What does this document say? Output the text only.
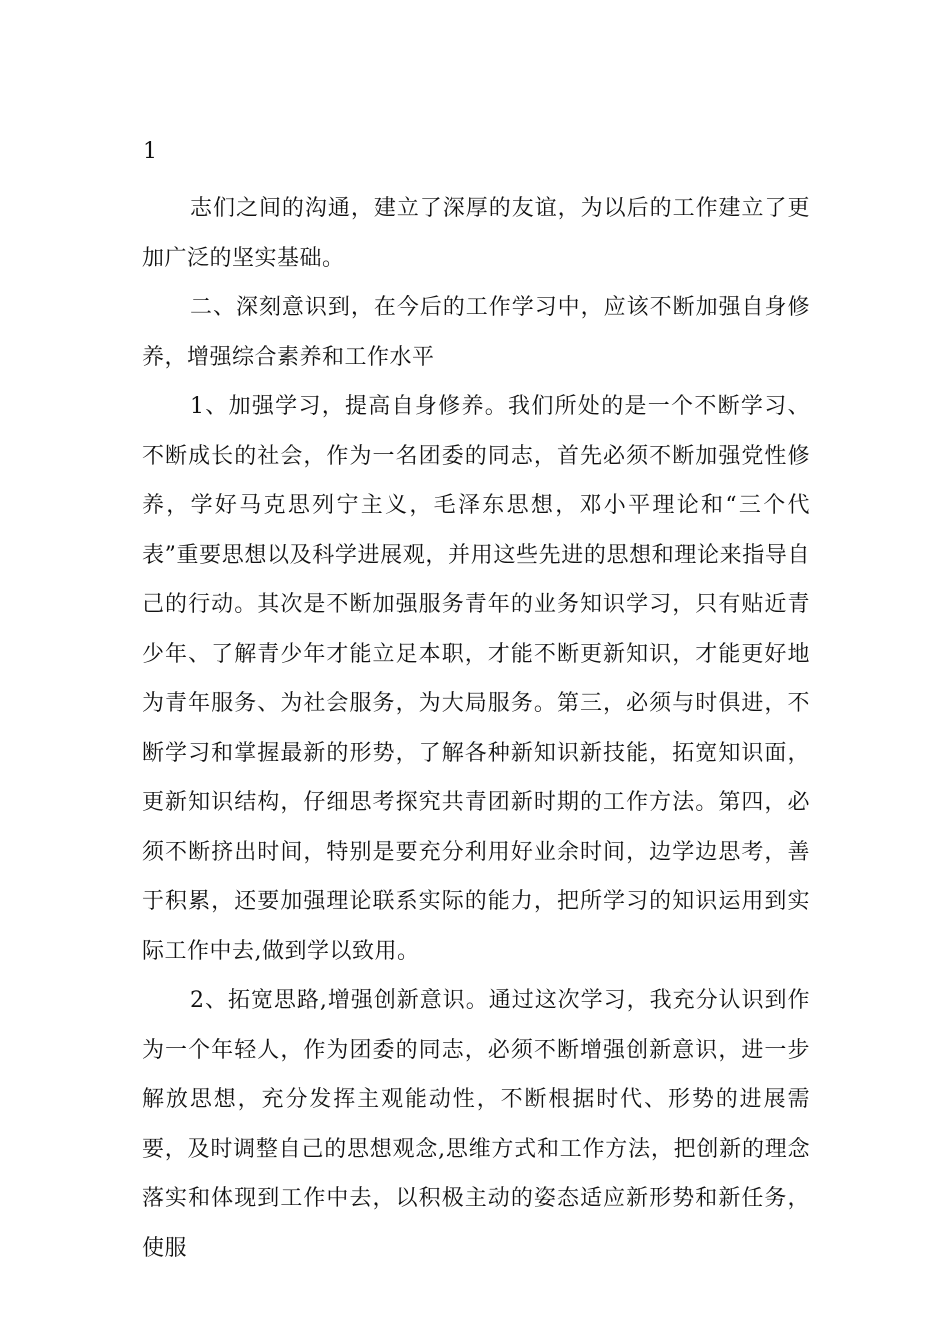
1

志们之间的沟通，建立了深厚的友谊，为以后的工作建立了更加广泛的坚实基础。

二、深刻意识到，在今后的工作学习中，应该不断加强自身修养，增强综合素养和工作水平

1、加强学习，提高自身修养。我们所处的是一个不断学习、不断成长的社会，作为一名团委的同志，首先必须不断加强党性修养，学好马克思列宁主义，毛泽东思想，邓小平理论和“三个代表”重要思想以及科学进展观，并用这些先进的思想和理论来指导自己的行动。其次是不断加强服务青年的业务知识学习，只有贴近青少年、了解青少年才能立足本职，才能不断更新知识，才能更好地为青年服务、为社会服务，为大局服务。第三，必须与时俱进，不断学习和掌握最新的形势，了解各种新知识新技能，拓宽知识面，更新知识结构，仔细思考探究共青团新时期的工作方法。第四，必须不断挤出时间，特别是要充分利用好业余时间，边学边思考，善于积累，还要加强理论联系实际的能力，把所学习的知识运用到实际工作中去,做到学以致用。

2、拓宽思路,增强创新意识。通过这次学习，我充分认识到作为一个年轻人，作为团委的同志，必须不断增强创新意识，进一步解放思想，充分发挥主观能动性，不断根据时代、形势的进展需要，及时调整自己的思想观念,思维方式和工作方法，把创新的理念落实和体现到工作中去，以积极主动的姿态适应新形势和新任务，使服
